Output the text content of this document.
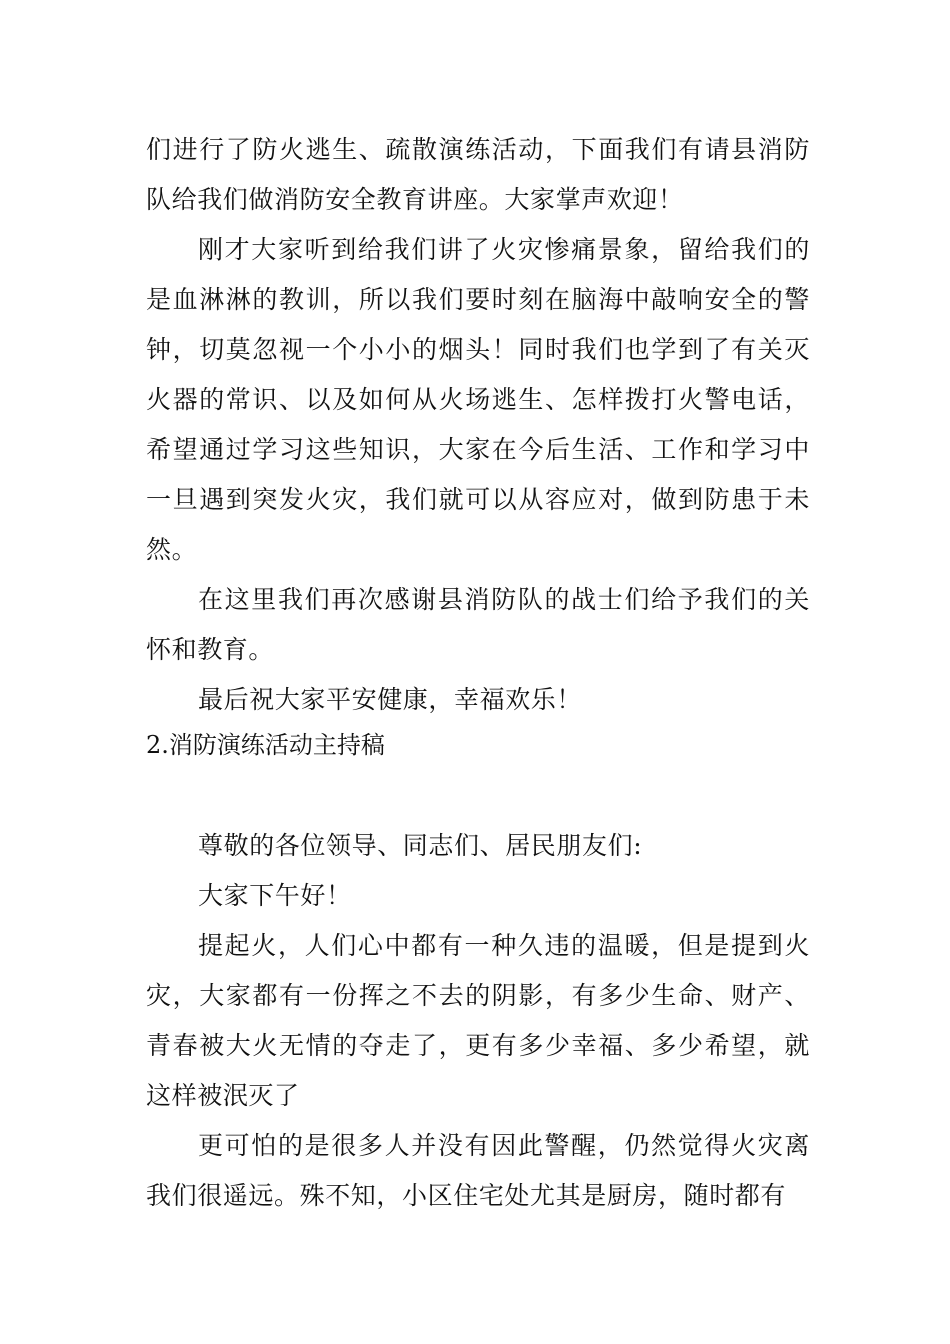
们进行了防火逃生、疏散演练活动，下面我们有请县消防队给我们做消防安全教育讲座。大家掌声欢迎！

刚才大家听到给我们讲了火灾惨痛景象，留给我们的是血淋淋的教训，所以我们要时刻在脑海中敲响安全的警钟，切莫忽视一个小小的烟头！同时我们也学到了有关灭火器的常识、以及如何从火场逃生、怎样拨打火警电话，希望通过学习这些知识，大家在今后生活、工作和学习中一旦遇到突发火灾，我们就可以从容应对，做到防患于未然。

在这里我们再次感谢县消防队的战士们给予我们的关怀和教育。

最后祝大家平安健康，幸福欢乐！

2.消防演练活动主持稿

尊敬的各位领导、同志们、居民朋友们:

大家下午好！

提起火，人们心中都有一种久违的温暖，但是提到火灾，大家都有一份挥之不去的阴影，有多少生命、财产、青春被大火无情的夺走了，更有多少幸福、多少希望，就这样被泯灭了

更可怕的是很多人并没有因此警醒，仍然觉得火灾离我们很遥远。殊不知，小区住宅处尤其是厨房，随时都有
